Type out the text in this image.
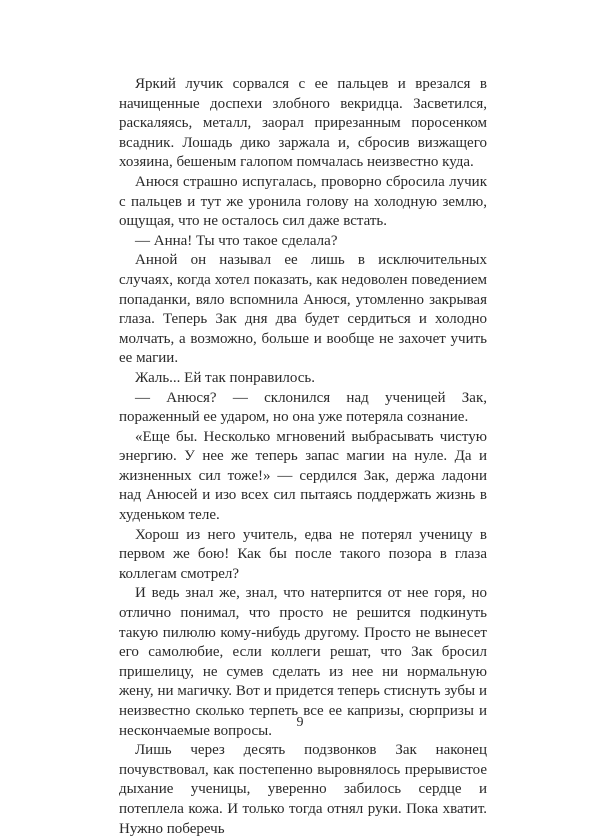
Яркий лучик сорвался с ее пальцев и врезался в начищенные доспехи злобного векридца. Засветился, раскаляясь, металл, заорал прирезанным поросенком всадник. Лошадь дико заржала и, сбросив визжащего хозяина, бешеным галопом помчалась неизвестно куда.

Анюся страшно испугалась, проворно сбросила лучик с пальцев и тут же уронила голову на холодную землю, ощущая, что не осталось сил даже встать.

— Анна! Ты что такое сделала?

Анной он называл ее лишь в исключительных случаях, когда хотел показать, как недоволен поведением попаданки, вяло вспомнила Анюся, утомленно закрывая глаза. Теперь Зак дня два будет сердиться и холодно молчать, а возможно, больше и вообще не захочет учить ее магии.

Жаль... Ей так понравилось.

— Анюся? — склонился над ученицей Зак, пораженный ее ударом, но она уже потеряла сознание.

«Еще бы. Несколько мгновений выбрасывать чистую энергию. У нее же теперь запас магии на нуле. Да и жизненных сил тоже!» — сердился Зак, держа ладони над Анюсей и изо всех сил пытаясь поддержать жизнь в худеньком теле.

Хорош из него учитель, едва не потерял ученицу в первом же бою! Как бы после такого позора в глаза коллегам смотрел?

И ведь знал же, знал, что натерпится от нее горя, но отлично понимал, что просто не решится подкинуть такую пилюлю кому-нибудь другому. Просто не вынесет его самолюбие, если коллеги решат, что Зак бросил пришелицу, не сумев сделать из нее ни нормальную жену, ни магичку. Вот и придется теперь стиснуть зубы и неизвестно сколько терпеть все ее капризы, сюрпризы и нескончаемые вопросы.

Лишь через десять подзвонков Зак наконец почувствовал, как постепенно выровнялось прерывистое дыхание ученицы, уверенно забилось сердце и потеплела кожа. И только тогда отнял руки. Пока хватит. Нужно поберечь

9
